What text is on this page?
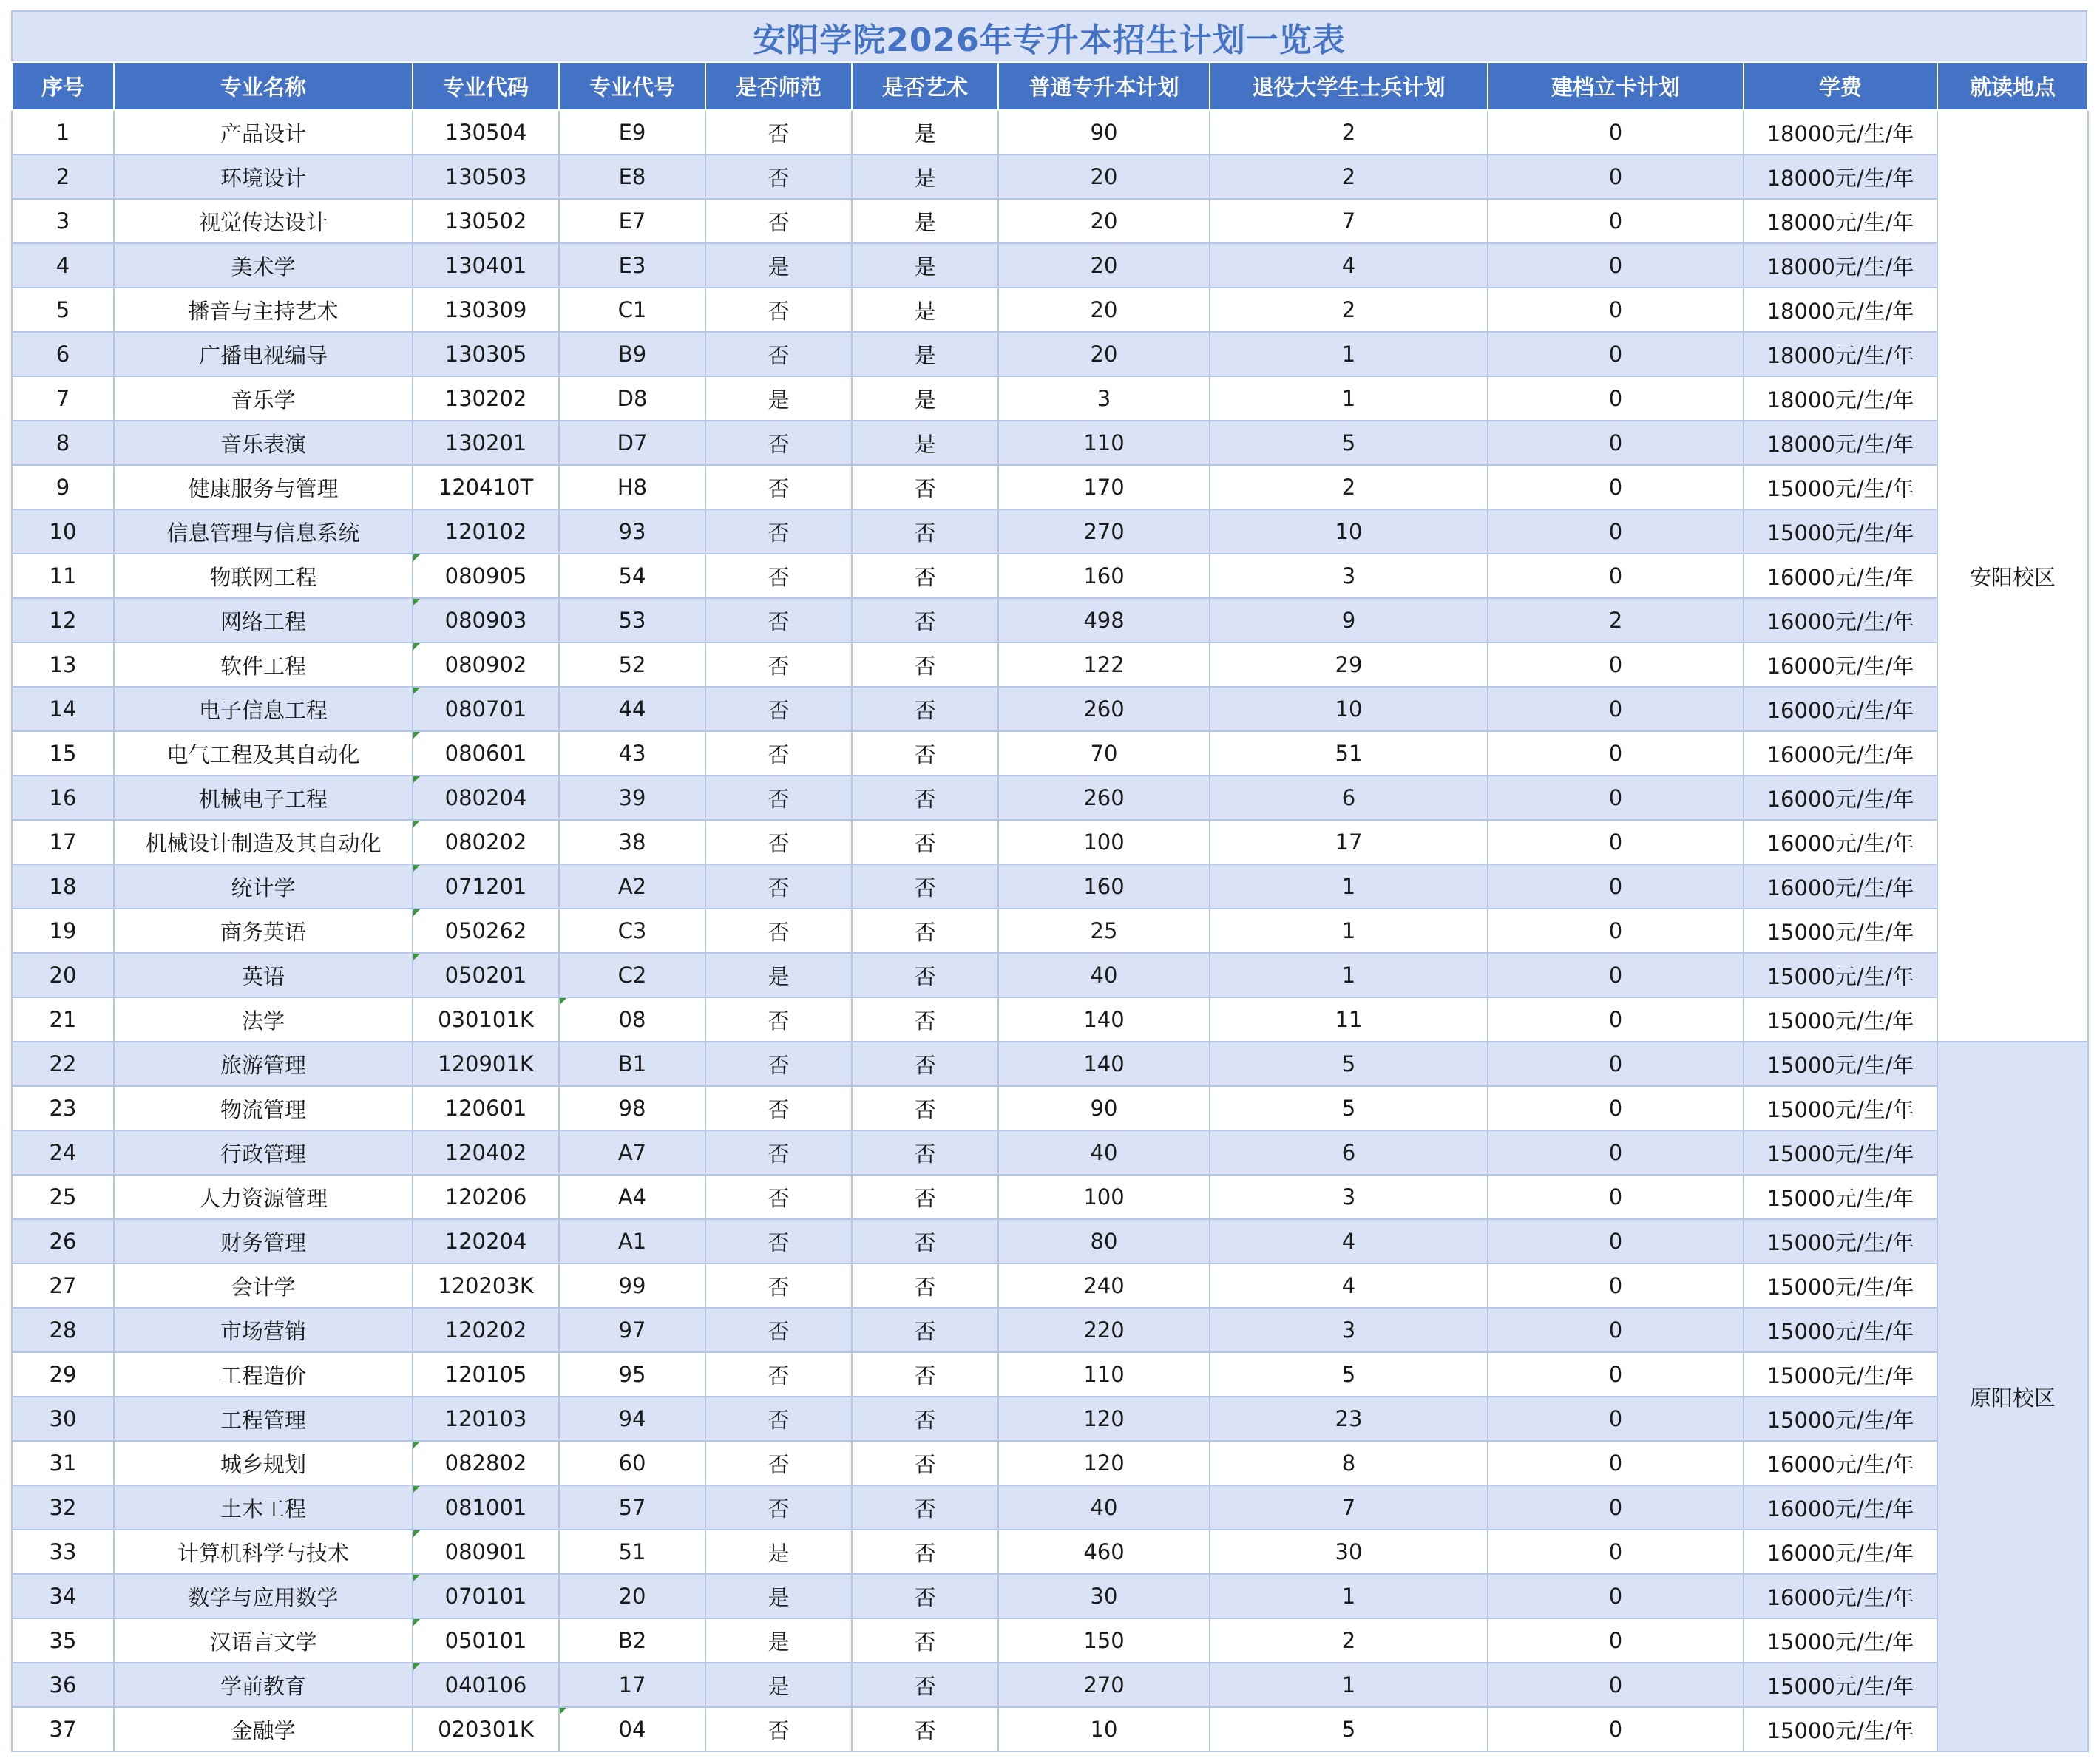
安阳学院2026年专升本招生计划一览表
序号	专业名称	专业代码	专业代号	是否师范	是否艺术	普通专升本计划	退役大学生士兵计划	建档立卡计划	学费	就读地点
1	产品设计	130504	E9	否	是	90	2	0	18000元/生/年	安阳校区
2	环境设计	130503	E8	否	是	20	2	0	18000元/生/年	
3	视觉传达设计	130502	E7	否	是	20	7	0	18000元/生/年	
4	美术学	130401	E3	是	是	20	4	0	18000元/生/年	
5	播音与主持艺术	130309	C1	否	是	20	2	0	18000元/生/年	
6	广播电视编导	130305	B9	否	是	20	1	0	18000元/生/年	
7	音乐学	130202	D8	是	是	3	1	0	18000元/生/年	
8	音乐表演	130201	D7	否	是	110	5	0	18000元/生/年	
9	健康服务与管理	120410T	H8	否	否	170	2	0	15000元/生/年	
10	信息管理与信息系统	120102	93	否	否	270	10	0	15000元/生/年	
11	物联网工程	080905	54	否	否	160	3	0	16000元/生/年	
12	网络工程	080903	53	否	否	498	9	2	16000元/生/年	
13	软件工程	080902	52	否	否	122	29	0	16000元/生/年	
14	电子信息工程	080701	44	否	否	260	10	0	16000元/生/年	
15	电气工程及其自动化	080601	43	否	否	70	51	0	16000元/生/年	
16	机械电子工程	080204	39	否	否	260	6	0	16000元/生/年	
17	机械设计制造及其自动化	080202	38	否	否	100	17	0	16000元/生/年	
18	统计学	071201	A2	否	否	160	1	0	16000元/生/年	
19	商务英语	050262	C3	否	否	25	1	0	15000元/生/年	
20	英语	050201	C2	是	否	40	1	0	15000元/生/年	
21	法学	030101K	08	否	否	140	11	0	15000元/生/年	
22	旅游管理	120901K	B1	否	否	140	5	0	15000元/生/年	原阳校区
23	物流管理	120601	98	否	否	90	5	0	15000元/生/年	
24	行政管理	120402	A7	否	否	40	6	0	15000元/生/年	
25	人力资源管理	120206	A4	否	否	100	3	0	15000元/生/年	
26	财务管理	120204	A1	否	否	80	4	0	15000元/生/年	
27	会计学	120203K	99	否	否	240	4	0	15000元/生/年	
28	市场营销	120202	97	否	否	220	3	0	15000元/生/年	
29	工程造价	120105	95	否	否	110	5	0	15000元/生/年	
30	工程管理	120103	94	否	否	120	23	0	15000元/生/年	
31	城乡规划	082802	60	否	否	120	8	0	16000元/生/年	
32	土木工程	081001	57	否	否	40	7	0	16000元/生/年	
33	计算机科学与技术	080901	51	是	否	460	30	0	16000元/生/年	
34	数学与应用数学	070101	20	是	否	30	1	0	16000元/生/年	
35	汉语言文学	050101	B2	是	否	150	2	0	15000元/生/年	
36	学前教育	040106	17	是	否	270	1	0	15000元/生/年	
37	金融学	020301K	04	否	否	10	5	0	15000元/生/年	
